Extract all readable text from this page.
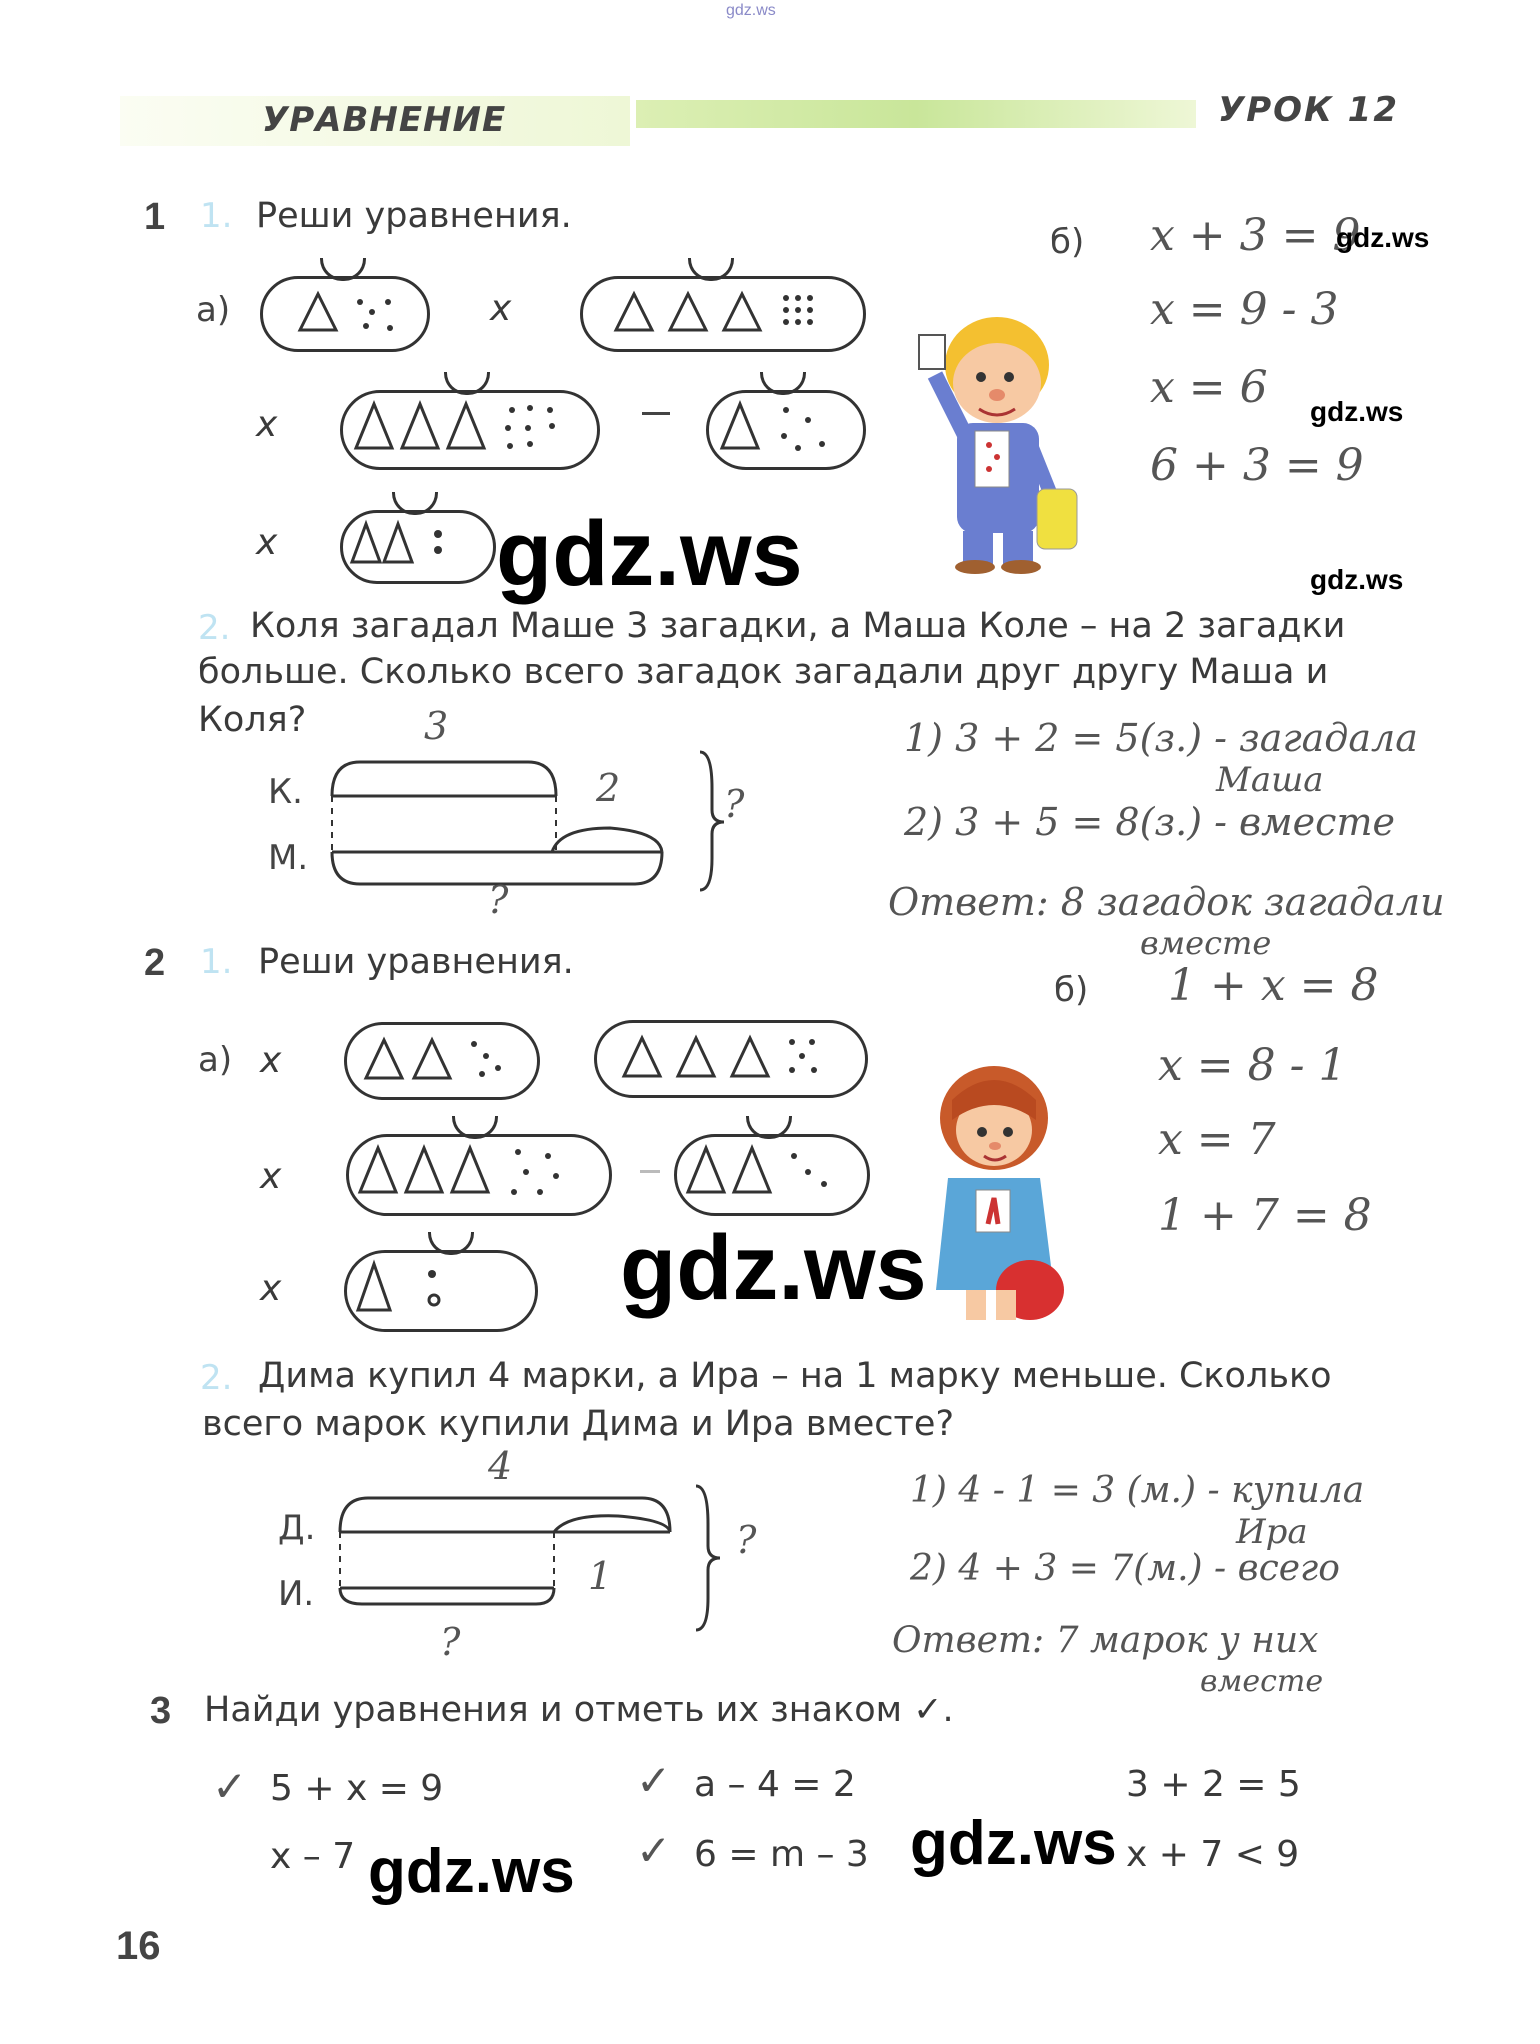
gdz.ws
УРАВНЕНИЕ	УРОК 12
1 1. Реши уравнения.
а)	x
x
x
б) x + 3 = 9
x = 9 - 3
x = 6
6 + 3 = 9
gdz.ws
gdz.ws
gdz.ws	gdz.ws
2. Коля загадал Маше 3 загадки, а Маша Коле – на 2 загадки
больше. Сколько всего загадок загадали друг другу Маша и
Коля?	3
К.
М.
2	?
?
1) 3 + 2 = 5(з.) - загадала
Маша
2) 3 + 5 = 8(з.) - вместе
Ответ: 8 загадок загадали
вместе
2 1. Реши уравнения.
а) x
x
x
б) 1 + x = 8
x = 8 - 1
x = 7
1 + 7 = 8
gdz.ws
2. Дима купил 4 марки, а Ира – на 1 марку меньше. Сколько
всего марок купили Дима и Ира вместе?
4
Д.
И.	1
?
?
1) 4 - 1 = 3 (м.) - купила
Ира
2) 4 + 3 = 7(м.) - всего
Ответ: 7 марок у них
вместе
3 Найди уравнения и отметь их знаком ✓.
✓ 5 + x = 9	✓ a – 4 = 2	3 + 2 = 5
x – 7	✓ 6 = m – 3	x + 7 < 9
gdz.ws	gdz.ws
16
